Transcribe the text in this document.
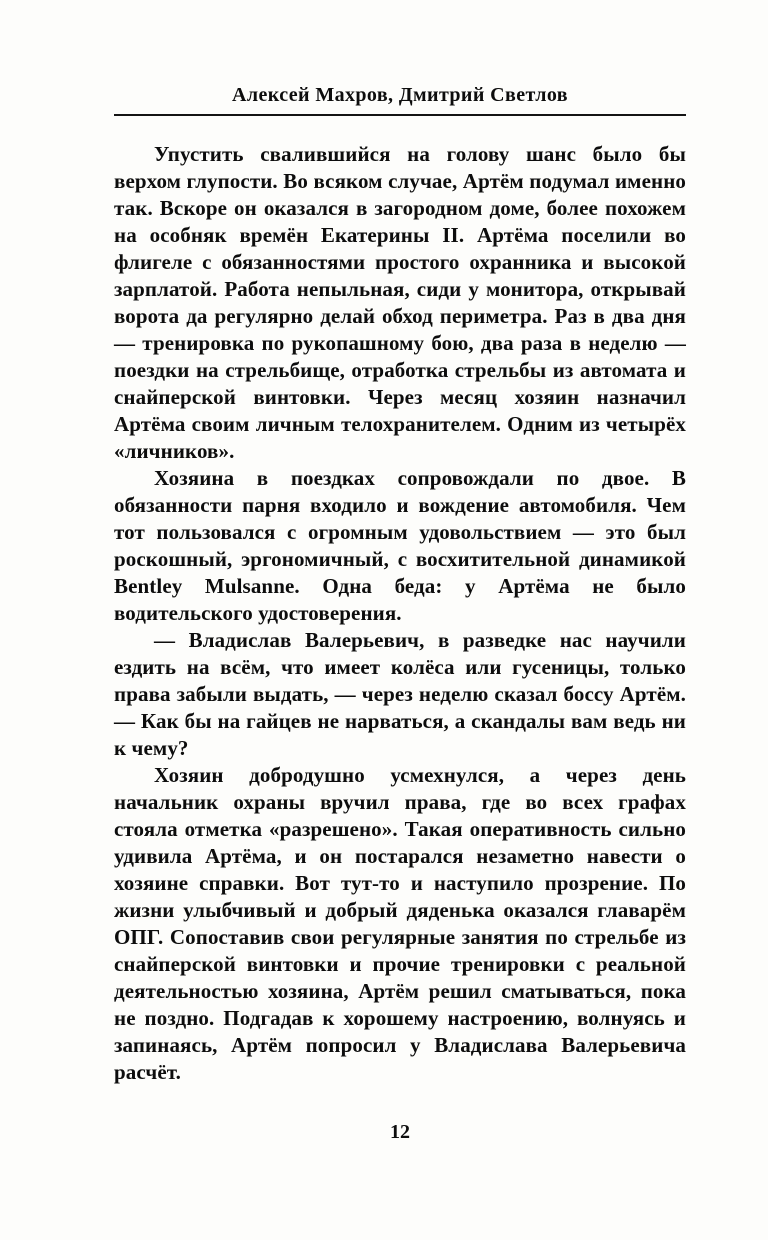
Алексей Махров, Дмитрий Светлов

Упустить свалившийся на голову шанс было бы верхом глупости. Во всяком случае, Артём подумал именно так. Вскоре он оказался в загородном доме, более похожем на особняк времён Екатерины II. Артёма поселили во флигеле с обязанностями простого охранника и высокой зарплатой. Работа непыльная, сиди у монитора, открывай ворота да регулярно делай обход периметра. Раз в два дня — тренировка по рукопашному бою, два раза в неделю — поездки на стрельбище, отработка стрельбы из автомата и снайперской винтовки. Через месяц хозяин назначил Артёма своим личным телохранителем. Одним из четырёх «личников».

Хозяина в поездках сопровождали по двое. В обязанности парня входило и вождение автомобиля. Чем тот пользовался с огромным удовольствием — это был роскошный, эргономичный, с восхитительной динамикой Bentley Mulsanne. Одна беда: у Артёма не было водительского удостоверения.

— Владислав Валерьевич, в разведке нас научили ездить на всём, что имеет колёса или гусеницы, только права забыли выдать, — через неделю сказал боссу Артём. — Как бы на гайцев не нарваться, а скандалы вам ведь ни к чему?

Хозяин добродушно усмехнулся, а через день начальник охраны вручил права, где во всех графах стояла отметка «разрешено». Такая оперативность сильно удивила Артёма, и он постарался незаметно навести о хозяине справки. Вот тут-то и наступило прозрение. По жизни улыбчивый и добрый дяденька оказался главарём ОПГ. Сопоставив свои регулярные занятия по стрельбе из снайперской винтовки и прочие тренировки с реальной деятельностью хозяина, Артём решил сматываться, пока не поздно. Подгадав к хорошему настроению, волнуясь и запинаясь, Артём попросил у Владислава Валерьевича расчёт.

12
